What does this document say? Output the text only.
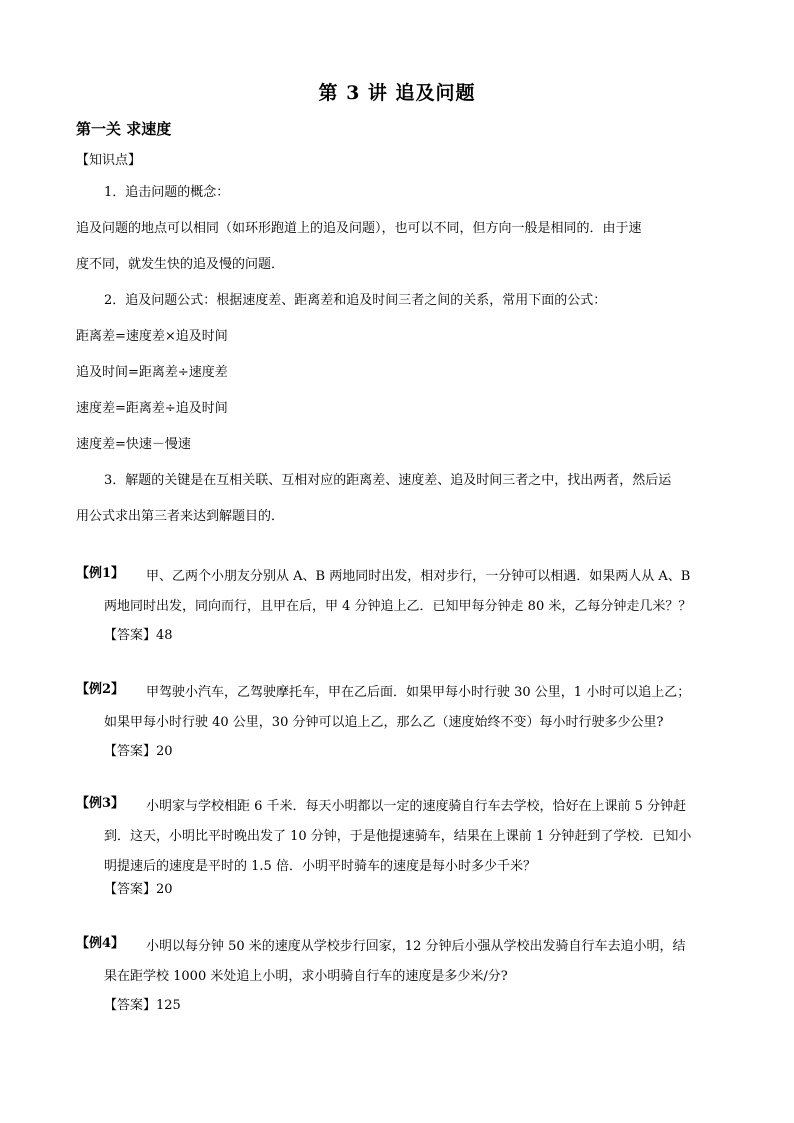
第 3 讲 追及问题
第一关 求速度
【知识点】
1．追击问题的概念：
追及问题的地点可以相同（如环形跑道上的追及问题），也可以不同，但方向一般是相同的．由于速
度不同，就发生快的追及慢的问题．
2．追及问题公式：根据速度差、距离差和追及时间三者之间的关系，常用下面的公式：
距离差=速度差×追及时间
追及时间=距离差÷速度差
速度差=距离差÷追及时间
速度差=快速－慢速
3．解题的关键是在互相关联、互相对应的距离差、速度差、追及时间三者之中，找出两者，然后运
用公式求出第三者来达到解题目的．
【例1】 甲、乙两个小朋友分别从 A、B 两地同时出发，相对步行，一分钟可以相遇．如果两人从 A、B
两地同时出发，同向而行，且甲在后，甲 4 分钟追上乙．已知甲每分钟走 80 米，乙每分钟走几米？？
【答案】48
【例2】 甲驾驶小汽车，乙驾驶摩托车，甲在乙后面．如果甲每小时行驶 30 公里，1 小时可以追上乙；
如果甲每小时行驶 40 公里，30 分钟可以追上乙，那么乙（速度始终不变）每小时行驶多少公里?
【答案】20
【例3】 小明家与学校相距 6 千米．每天小明都以一定的速度骑自行车去学校，恰好在上课前 5 分钟赶
到．这天，小明比平时晚出发了 10 分钟，于是他提速骑车，结果在上课前 1 分钟赶到了学校．已知小
明提速后的速度是平时的 1.5 倍．小明平时骑车的速度是每小时多少千米？
【答案】20
【例4】 小明以每分钟 50 米的速度从学校步行回家，12 分钟后小强从学校出发骑自行车去追小明，结
果在距学校 1000 米处追上小明，求小明骑自行车的速度是多少米/分?
【答案】125
